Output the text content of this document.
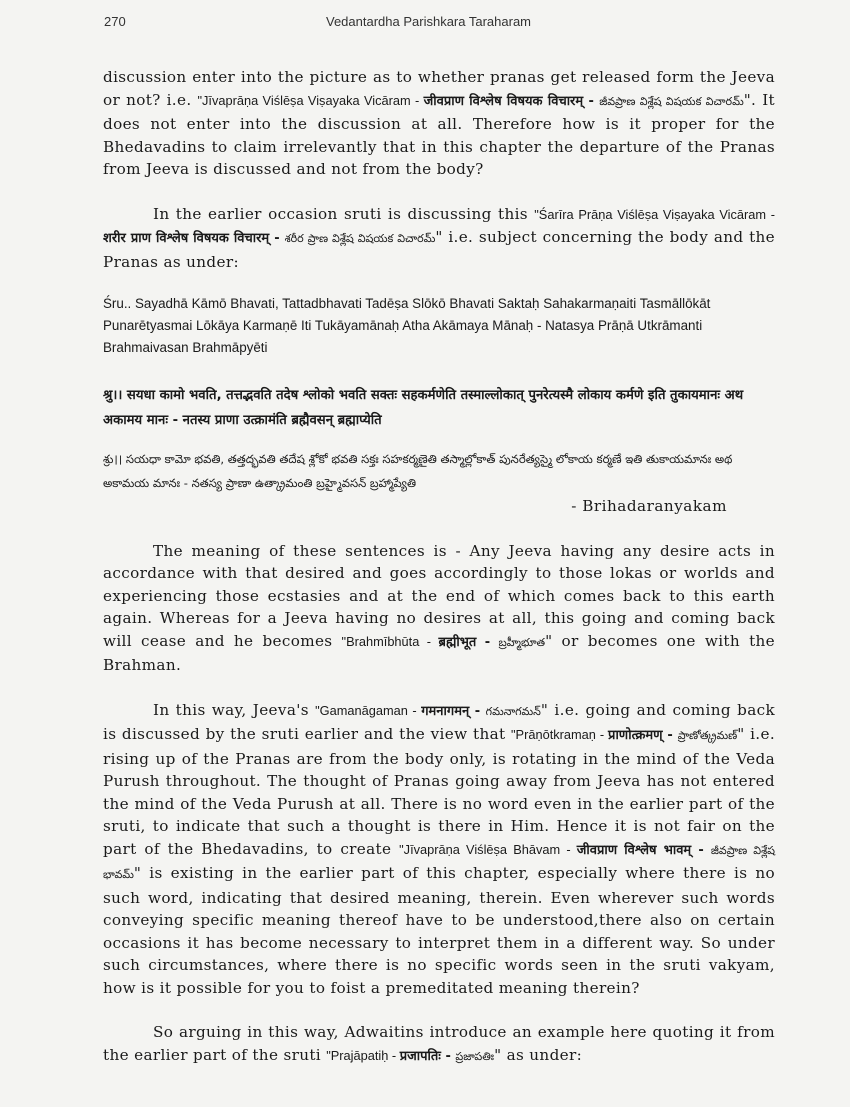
270	Vedantardha Parishkara Taraharam

discussion enter into the picture as to whether pranas get released form the Jeeva or not? i.e. "Jīvaprāṇa Viślēṣa Viṣayaka Vicāram - जीवप्राण विश्लेष विषयक विचारम् - జీవప్రాణ విశ్లేష విషయక విచారమ్". It does not enter into the discussion at all. Therefore how is it proper for the Bhedavadins to claim irrelevantly that in this chapter the departure of the Pranas from Jeeva is discussed and not from the body?

In the earlier occasion sruti is discussing this "Śarīra Prāṇa Viślēṣa Viṣayaka Vicāram - शरीर प्राण विश्लेष विषयक विचारम् - శరీర ప్రాణ విశ్లేష విషయక విచారమ్" i.e. subject concerning the body and the Pranas as under:

Śru.. Sayadhā Kāmō Bhavati, Tattadbhavati Tadēṣa Slōkō Bhavati Saktaḥ Sahakarmaṇaiti Tasmāllōkāt Punarētyasmai Lōkāya Karmaṇē Iti Tukāyamānaḥ Atha Akāmaya Mānaḥ - Natasya Prāṇā Utkrāmanti Brahmaivasan Brahmāpyēti

श्रु।। सयधा कामो भवति, तत्तद्भवति तदेष श्लोको भवति सक्तः सहकर्मणेति तस्माल्लोकात् पुनरेत्यस्मै लोकाय कर्मणे इति तुकायमानः अथ अकामय मानः - नतस्य प्राणा उत्क्रामंति ब्रह्मैवसन् ब्रह्माप्येति

శ్రు।। సయధా కామో భవతి, తత్తద్భవతి తదేష శ్లోకో భవతి సక్తః సహకర్మణైతి తస్మాల్లోకాత్ పునరేత్యస్మై లోకాయ కర్మణే ఇతి తుకాయమానః అథ అకామయ మానః - నతస్య ప్రాణా ఉత్క్రామంతి బ్రహ్మైవసన్ బ్రహ్మాప్యేతి

- Brihadaranyakam

The meaning of these sentences is - Any Jeeva having any desire acts in accordance with that desired and goes accordingly to those lokas or worlds and experiencing those ecstasies and at the end of which comes back to this earth again. Whereas for a Jeeva having no desires at all, this going and coming back will cease and he becomes "Brahmībhūta - ब्रह्मीभूत - బ్రహ్మీభూత" or becomes one with the Brahman.

In this way, Jeeva's "Gamanāgaman - गमनागमन् - గమనాగమన్" i.e. going and coming back is discussed by the sruti earlier and the view that "Prāṇōtkramaṇ - प्राणोत्क्रमण् - ప్రాణోత్క్రమణ్" i.e. rising up of the Pranas are from the body only, is rotating in the mind of the Veda Purush throughout. The thought of Pranas going away from Jeeva has not entered the mind of the Veda Purush at all. There is no word even in the earlier part of the sruti, to indicate that such a thought is there in Him. Hence it is not fair on the part of the Bhedavadins, to create "Jīvaprāṇa Viślēṣa Bhāvam - जीवप्राण विश्लेष भावम् - జీవప్రాణ విశ్లేష భావమ్" is existing in the earlier part of this chapter, especially where there is no such word, indicating that desired meaning, therein. Even wherever such words conveying specific meaning thereof have to be understood,there also on certain occasions it has become necessary to interpret them in a different way. So under such circumstances, where there is no specific words seen in the sruti vakyam, how is it possible for you to foist a premeditated meaning therein?

So arguing in this way, Adwaitins introduce an example here quoting it from the earlier part of the sruti "Prajāpatiḥ - प्रजापतिः - ప్రజాపతిః" as under:
